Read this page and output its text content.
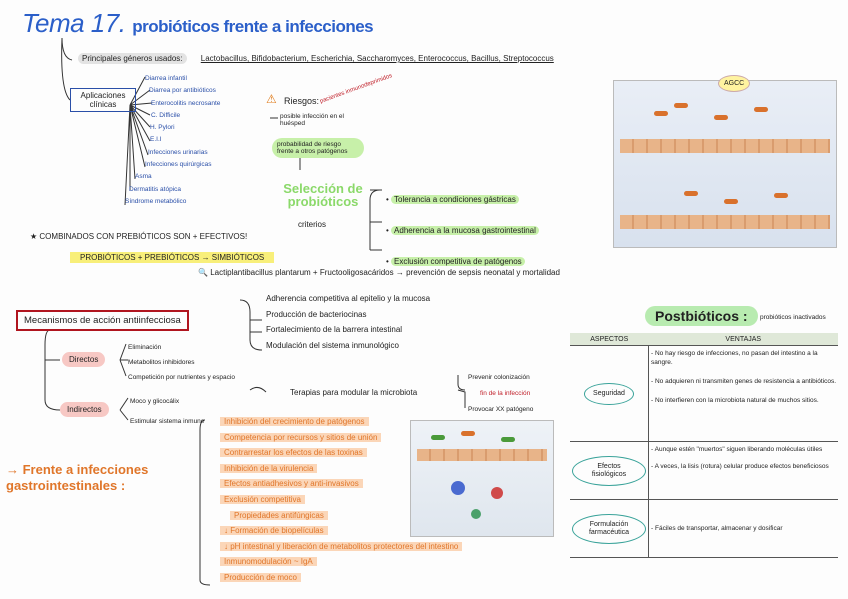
Tema 17. probióticos frente a infecciones
Principales géneros usados: Lactobacillus, Bifidobacterium, Escherichia, Saccharomyces, Enterococcus, Bacillus, Streptococcus
Aplicaciones clínicas
Diarrea infantil
Diarrea por antibióticos
Enterocolitis necrosante
C. Difficile
H. Pylori
E.I.I
Infecciones urinarias
Infecciones quirúrgicas
Asma
Dermatitis atópica
Síndrome metabólico
⚠ Riesgos: pacientes inmunodeprimidos
posible infección en el huésped
probabilidad de riesgo frente a otros patógenos
Selección de probióticos
criterios
• Tolerancia a condiciones gástricas
• Adherencia a la mucosa gastrointestinal
• Exclusión competitiva de patógenos
★ COMBINADOS CON PREBIÓTICOS SON + EFECTIVOS!
PROBIÓTICOS + PREBIÓTICOS → SIMBIÓTICOS
🔍 Lactiplantibacillus plantarum + Fructooligosacáridos → prevención de sepsis neonatal y mortalidad
AGCC
Mecanismos de acción antiinfecciosa
Adherencia competitiva al epitelio y la mucosa
Producción de bacteriocinas
Fortalecimiento de la barrera intestinal
Modulación del sistema inmunológico
Directos
Eliminación
Metabolitos inhibidores
Competición por nutrientes y espacio
Indirectos
Moco y glicocálix
Estimular sistema inmune
Terapias para modular la microbiota
Prevenir colonización
fin de la infección
Provocar XX patógeno
→ Frente a infecciones gastrointestinales :
Inhibición del crecimiento de patógenos
Competencia por recursos y sitios de unión
Contrarrestar los efectos de las toxinas
Inhibición de la virulencia
Efectos antiadhesivos y anti-invasivos
Exclusión competitiva
Propiedades antifúngicas
↓ Formación de biopelículas
↓ pH intestinal y liberación de metabolitos protectores del intestino
Inmunomodulación ~ IgA
Producción de moco
Postbióticos :	probióticos inactivados
ASPECTOS	VENTAJAS
Seguridad	- No hay riesgo de infecciones, no pasan del intestino a la sangre.
- No adquieren ni transmiten genes de resistencia a antibióticos.
- No interfieren con la microbiota natural de muchos sitios.

Efectos fisiológicos	- Aunque estén "muertos" siguen liberando moléculas útiles
- A veces, la lisis (rotura) celular produce efectos beneficiosos

Formulación farmacéutica	- Fáciles de transportar, almacenar y dosificar
